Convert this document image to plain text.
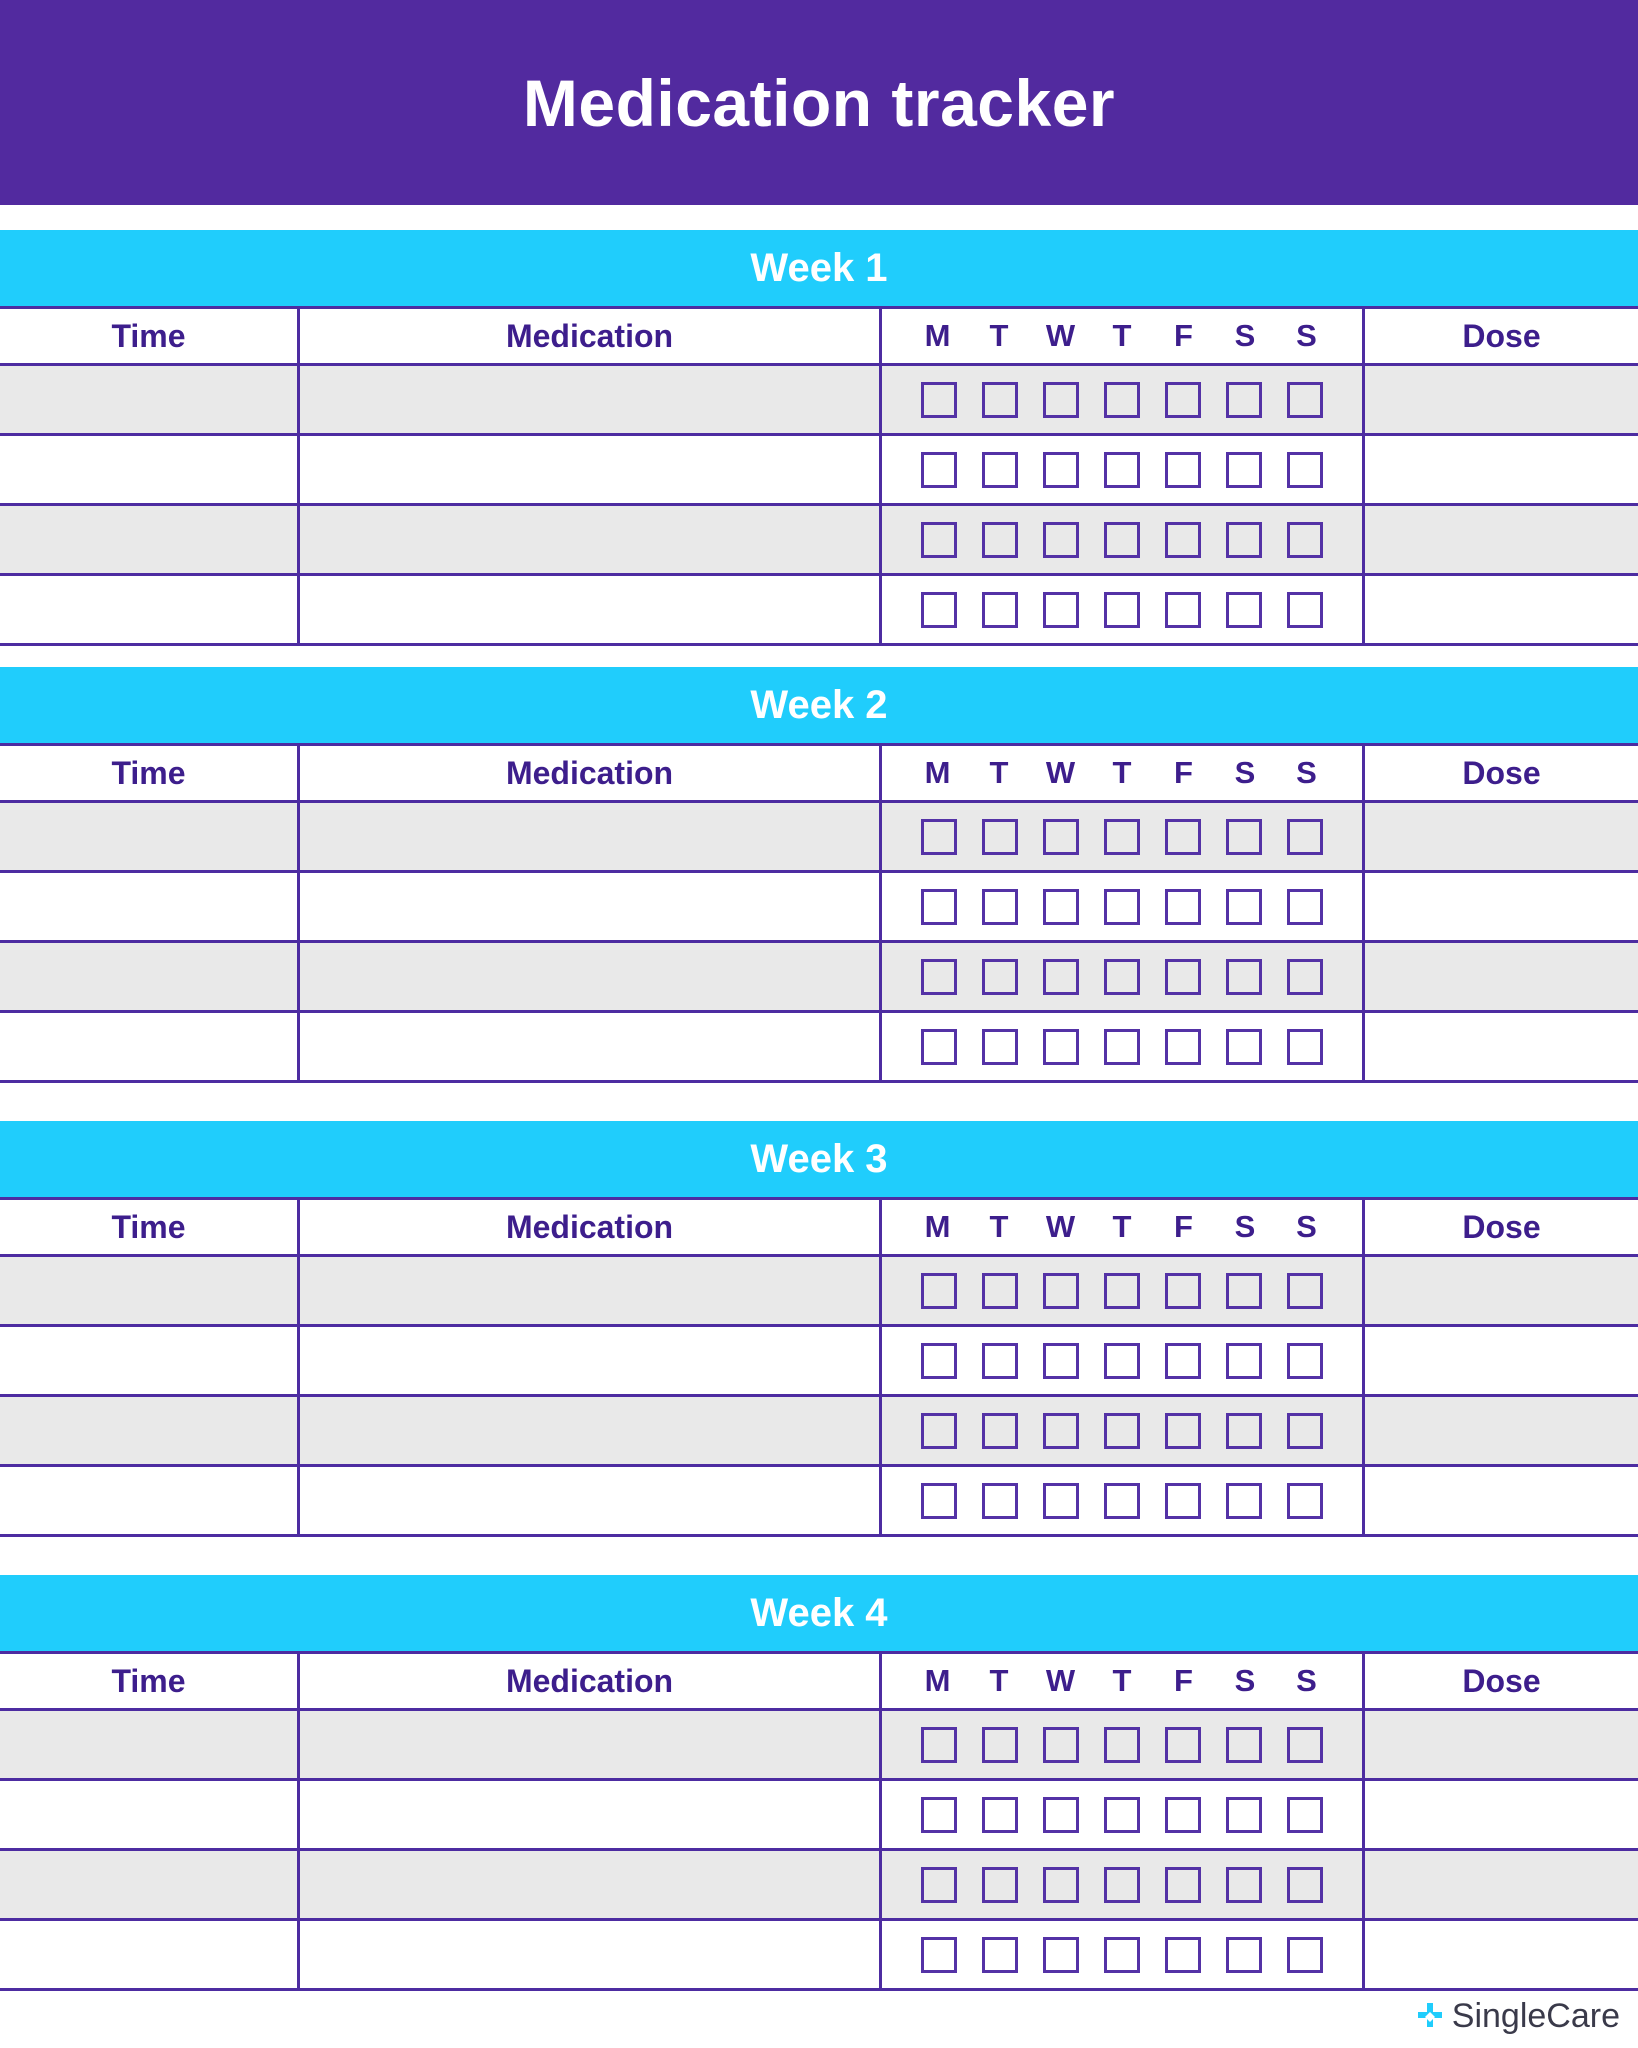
Medication tracker
Week 1
Time	Medication	M	T	W	T	F	S	S	Dose
Week 2
Time	Medication	M	T	W	T	F	S	S	Dose
Week 3
Time	Medication	M	T	W	T	F	S	S	Dose
Week 4
Time	Medication	M	T	W	T	F	S	S	Dose
SingleCare
